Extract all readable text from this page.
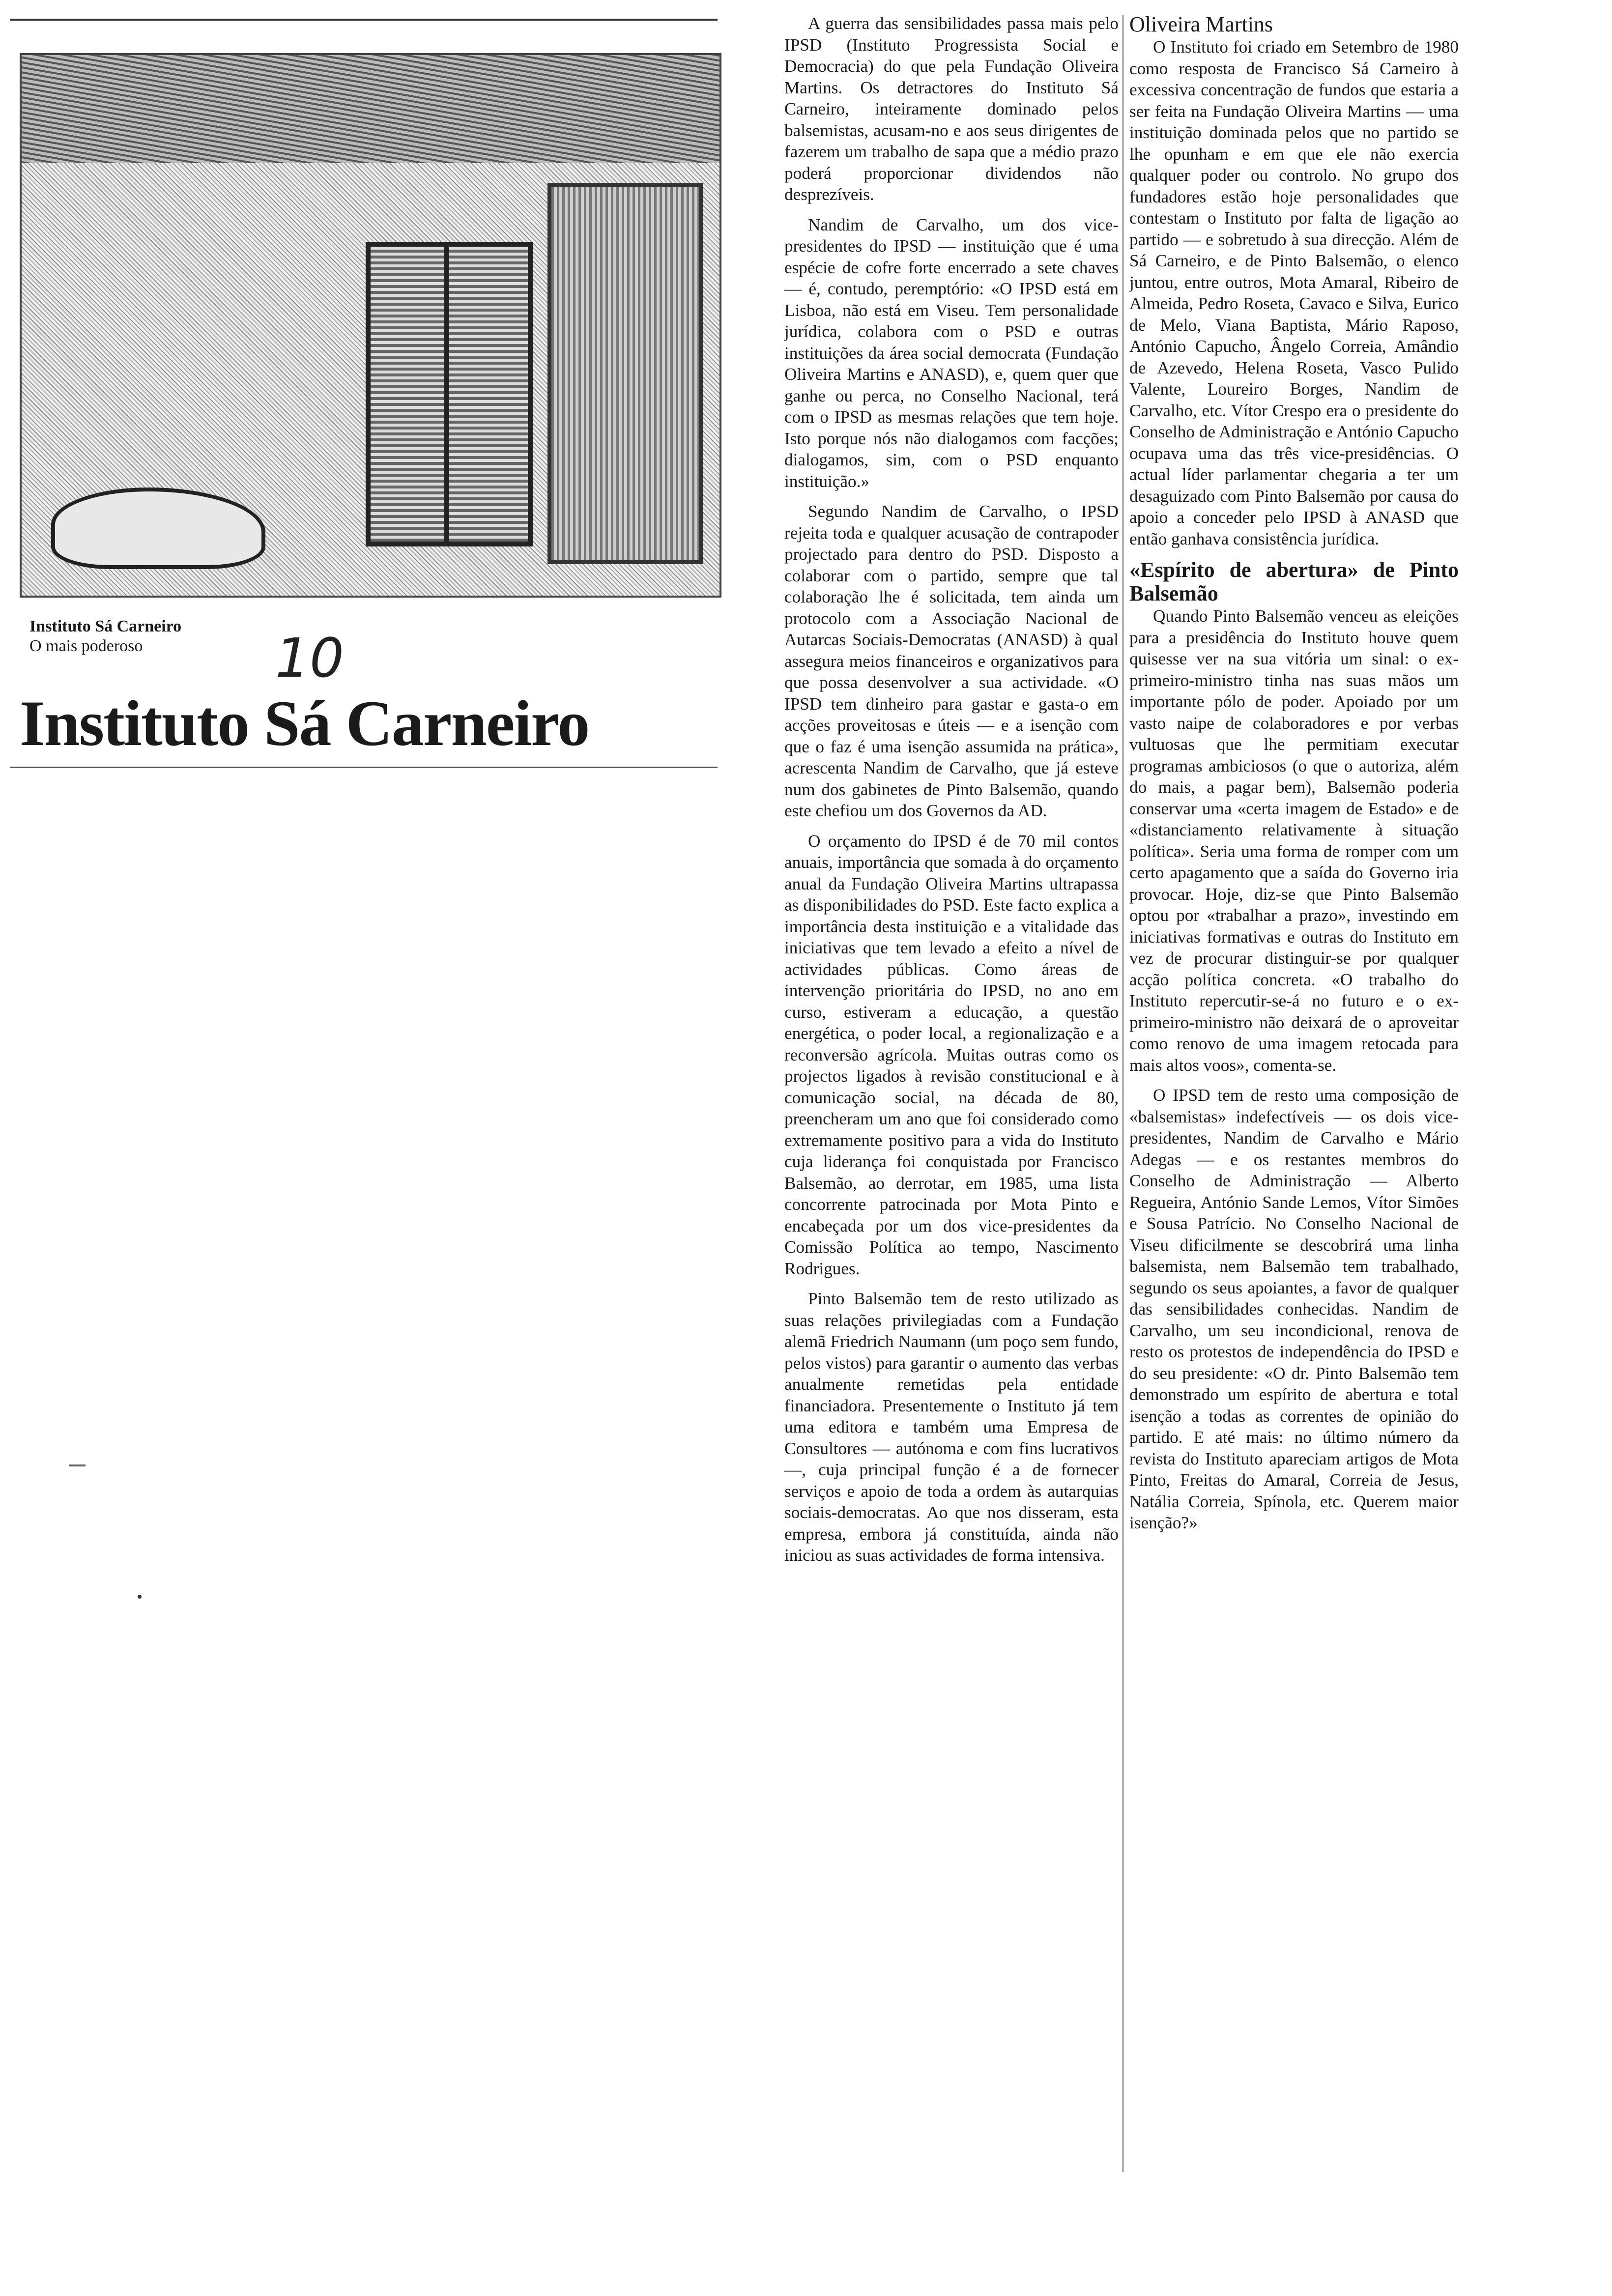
Instituto Sá Carneiro
O mais poderoso	10
Instituto Sá Carneiro

A guerra das sensibilidades passa mais pelo IPSD (Instituto Progressista Social e Democracia) do que pela Fundação Oliveira Martins. Os detractores do Instituto Sá Carneiro, inteiramente dominado pelos balsemistas, acusam-no e aos seus dirigentes de fazerem um trabalho de sapa que a médio prazo poderá proporcionar dividendos não desprezíveis.

Nandim de Carvalho, um dos vice-presidentes do IPSD — instituição que é uma espécie de cofre forte encerrado a sete chaves — é, contudo, peremptório: «O IPSD está em Lisboa, não está em Viseu. Tem personalidade jurídica, colabora com o PSD e outras instituições da área social democrata (Fundação Oliveira Martins e ANASD), e, quem quer que ganhe ou perca, no Conselho Nacional, terá com o IPSD as mesmas relações que tem hoje. Isto porque nós não dialogamos com facções; dialogamos, sim, com o PSD enquanto instituição.»

Segundo Nandim de Carvalho, o IPSD rejeita toda e qualquer acusação de contrapoder projectado para dentro do PSD. Disposto a colaborar com o partido, sempre que tal colaboração lhe é solicitada, tem ainda um protocolo com a Associação Nacional de Autarcas Sociais-Democratas (ANASD) à qual assegura meios financeiros e organizativos para que possa desenvolver a sua actividade. «O IPSD tem dinheiro para gastar e gasta-o em acções proveitosas e úteis — e a isenção com que o faz é uma isenção assumida na prática», acrescenta Nandim de Carvalho, que já esteve num dos gabinetes de Pinto Balsemão, quando este chefiou um dos Governos da AD.

O orçamento do IPSD é de 70 mil contos anuais, importância que somada à do orçamento anual da Fundação Oliveira Martins ultrapassa as disponibilidades do PSD. Este facto explica a importância desta instituição e a vitalidade das iniciativas que tem levado a efeito a nível de actividades públicas. Como áreas de intervenção prioritária do IPSD, no ano em curso, estiveram a educação, a questão energética, o poder local, a regionalização e a reconversão agrícola. Muitas outras como os projectos ligados à revisão constitucional e à comunicação social, na década de 80, preencheram um ano que foi considerado como extremamente positivo para a vida do Instituto cuja liderança foi conquistada por Francisco Balsemão, ao derrotar, em 1985, uma lista concorrente patrocinada por Mota Pinto e encabeçada por um dos vice-presidentes da Comissão Política ao tempo, Nascimento Rodrigues.

Pinto Balsemão tem de resto utilizado as suas relações privilegiadas com a Fundação alemã Friedrich Naumann (um poço sem fundo, pelos vistos) para garantir o aumento das verbas anualmente remetidas pela entidade financiadora. Presentemente o Instituto já tem uma editora e também uma Empresa de Consultores — autónoma e com fins lucrativos —, cuja principal função é a de fornecer serviços e apoio de toda a ordem às autarquias sociais-democratas. Ao que nos disseram, esta empresa, embora já constituída, ainda não iniciou as suas actividades de forma intensiva.

Oliveira Martins

O Instituto foi criado em Setembro de 1980 como resposta de Francisco Sá Carneiro à excessiva concentração de fundos que estaria a ser feita na Fundação Oliveira Martins — uma instituição dominada pelos que no partido se lhe opunham e em que ele não exercia qualquer poder ou controlo. No grupo dos fundadores estão hoje personalidades que contestam o Instituto por falta de ligação ao partido — e sobretudo à sua direcção. Além de Sá Carneiro, e de Pinto Balsemão, o elenco juntou, entre outros, Mota Amaral, Ribeiro de Almeida, Pedro Roseta, Cavaco e Silva, Eurico de Melo, Viana Baptista, Mário Raposo, António Capucho, Ângelo Correia, Amândio de Azevedo, Helena Roseta, Vasco Pulido Valente, Loureiro Borges, Nandim de Carvalho, etc. Vítor Crespo era o presidente do Conselho de Administração e António Capucho ocupava uma das três vice-presidências. O actual líder parlamentar chegaria a ter um desaguizado com Pinto Balsemão por causa do apoio a conceder pelo IPSD à ANASD que então ganhava consistência jurídica.

«Espírito de abertura» de Pinto Balsemão

Quando Pinto Balsemão venceu as eleições para a presidência do Instituto houve quem quisesse ver na sua vitória um sinal: o ex-primeiro-ministro tinha nas suas mãos um importante pólo de poder. Apoiado por um vasto naipe de colaboradores e por verbas vultuosas que lhe permitiam executar programas ambiciosos (o que o autoriza, além do mais, a pagar bem), Balsemão poderia conservar uma «certa imagem de Estado» e de «distanciamento relativamente à situação política». Seria uma forma de romper com um certo apagamento que a saída do Governo iria provocar. Hoje, diz-se que Pinto Balsemão optou por «trabalhar a prazo», investindo em iniciativas formativas e outras do Instituto em vez de procurar distinguir-se por qualquer acção política concreta. «O trabalho do Instituto repercutir-se-á no futuro e o ex-primeiro-ministro não deixará de o aproveitar como renovo de uma imagem retocada para mais altos voos», comenta-se.

O IPSD tem de resto uma composição de «balsemistas» indefectíveis — os dois vice-presidentes, Nandim de Carvalho e Mário Adegas — e os restantes membros do Conselho de Administração — Alberto Regueira, António Sande Lemos, Vítor Simões e Sousa Patrício. No Conselho Nacional de Viseu dificilmente se descobrirá uma linha balsemista, nem Balsemão tem trabalhado, segundo os seus apoiantes, a favor de qualquer das sensibilidades conhecidas. Nandim de Carvalho, um seu incondicional, renova de resto os protestos de independência do IPSD e do seu presidente: «O dr. Pinto Balsemão tem demonstrado um espírito de abertura e total isenção a todas as correntes de opinião do partido. E até mais: no último número da revista do Instituto apareciam artigos de Mota Pinto, Freitas do Amaral, Correia de Jesus, Natália Correia, Spínola, etc. Querem maior isenção?»
